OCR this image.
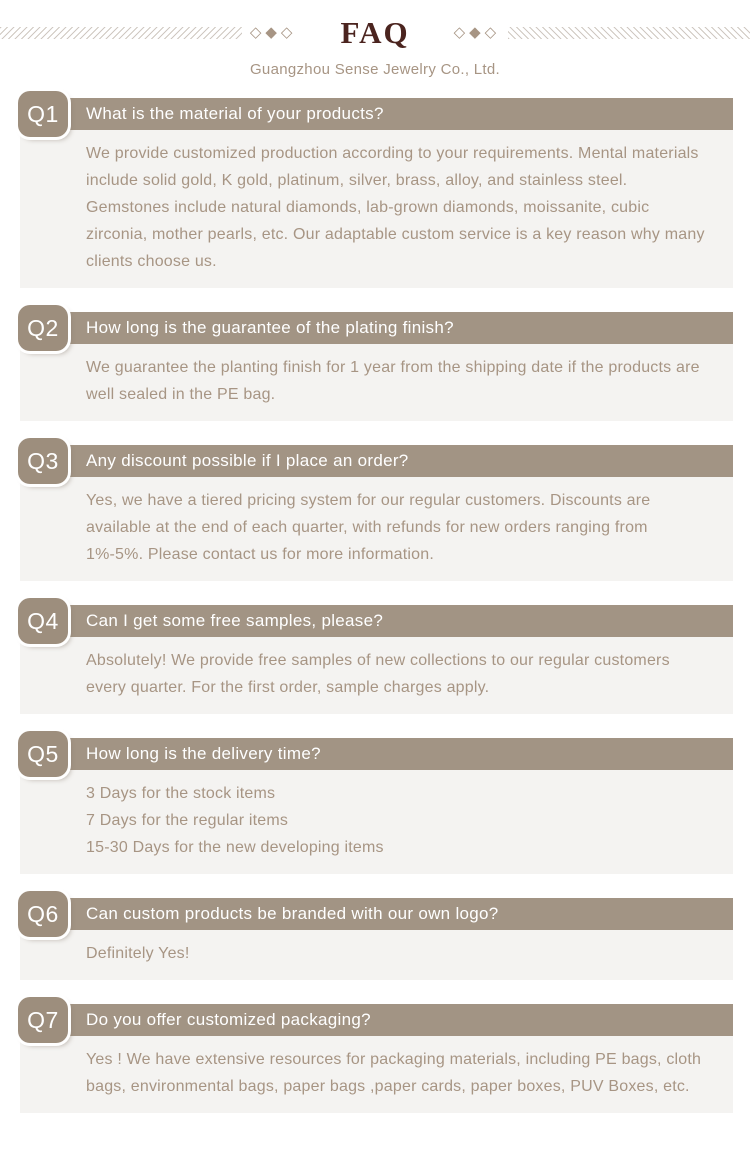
◇◆◇ FAQ	◇◆◇
Guangzhou Sense Jewelry Co., Ltd.
Q1 What is the material of your products?

We provide customized production according to your requirements. Mental materials include solid gold, K gold, platinum, silver, brass, alloy, and stainless steel. Gemstones include natural diamonds, lab-grown diamonds, moissanite, cubic zirconia, mother pearls, etc. Our adaptable custom service is a key reason why many clients choose us.

Q2 How long is the guarantee of the plating finish?

We guarantee the planting finish for 1 year from the shipping date if the products are well sealed in the PE bag.

Q3 Any discount possible if I place an order?

Yes, we have a tiered pricing system for our regular customers. Discounts are available at the end of each quarter, with refunds for new orders ranging from 1%-5%. Please contact us for more information.

Q4 Can I get some free samples, please?

Absolutely! We provide free samples of new collections to our regular customers every quarter. For the first order, sample charges apply.

Q5 How long is the delivery time?

3 Days for the stock items

7 Days for the regular items

15-30 Days for the new developing items

Q6 Can custom products be branded with our own logo?

Definitely Yes!

Q7 Do you offer customized packaging?

Yes ! We have extensive resources for packaging materials, including PE bags, cloth bags, environmental bags, paper bags ,paper cards, paper boxes, PUV Boxes, etc.
